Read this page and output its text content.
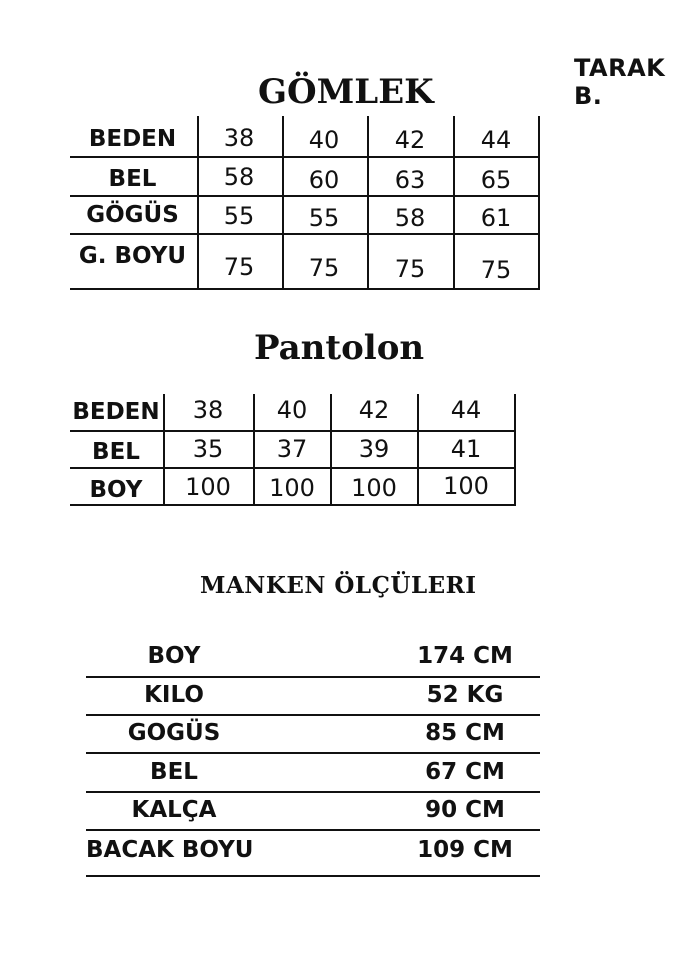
TARAK B.
GÖMLEK
BEDEN	38	40	42	44
BEL	58	60	63	65
GÖGÜS	55	55	58	61
G. BOYU	75	75	75	75
Pantolon
BEDEN	38	40	42	44
BEL	35	37	39	41
BOY	100	100	100	100
MANKEN ÖLÇÜLERI
BOY	174 CM
KILO	52 KG
GOGÜS	85 CM
BEL	67 CM
KALÇA	90 CM
BACAK BOYU	109 CM
